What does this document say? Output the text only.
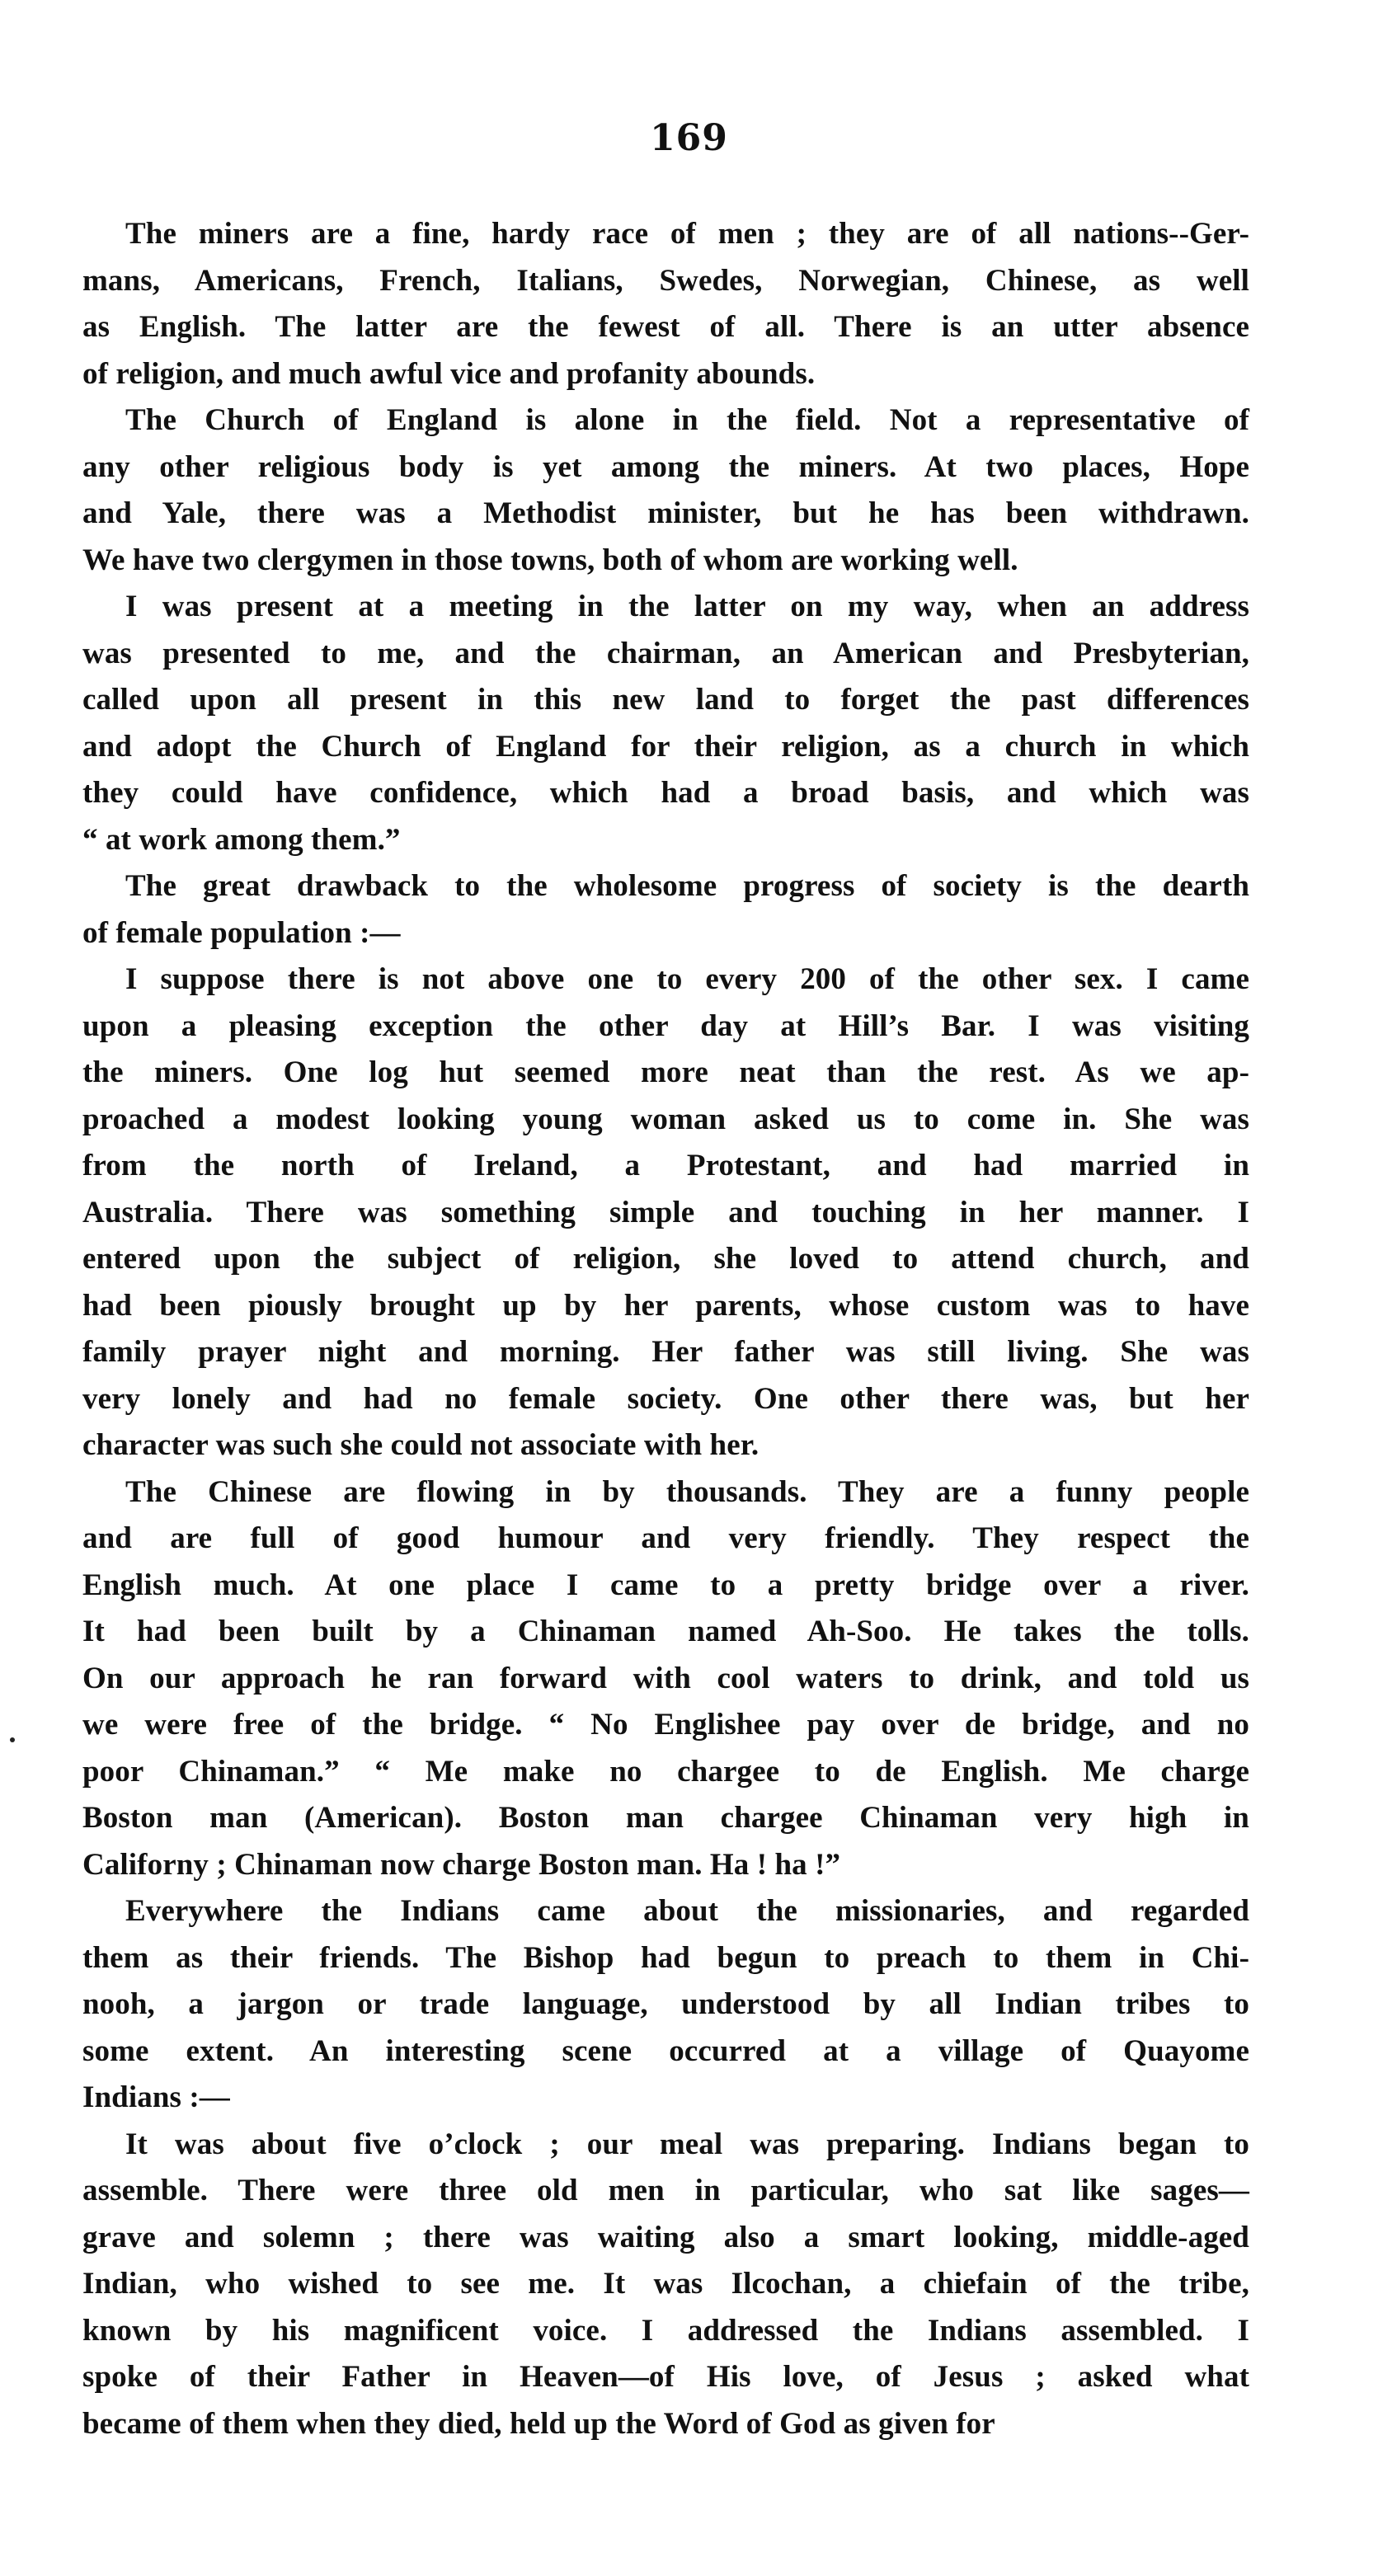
169
The miners are a fine, hardy race of men ; they are of all nations--Ger-
mans, Americans, French, Italians, Swedes, Norwegian, Chinese, as well
as English. The latter are the fewest of all. There is an utter absence
of religion, and much awful vice and profanity abounds.
The Church of England is alone in the field. Not a representative of
any other religious body is yet among the miners. At two places, Hope
and Yale, there was a Methodist minister, but he has been withdrawn.
We have two clergymen in those towns, both of whom are working well.
I was present at a meeting in the latter on my way, when an address
was presented to me, and the chairman, an American and Presbyterian,
called upon all present in this new land to forget the past differences
and adopt the Church of England for their religion, as a church in which
they could have confidence, which had a broad basis, and which was
“ at work among them.”
The great drawback to the wholesome progress of society is the dearth
of female population :—
I suppose there is not above one to every 200 of the other sex. I came
upon a pleasing exception the other day at Hill’s Bar. I was visiting
the miners. One log hut seemed more neat than the rest. As we ap-
proached a modest looking young woman asked us to come in. She was
from the north of Ireland, a Protestant, and had married in
Australia. There was something simple and touching in her manner. I
entered upon the subject of religion, she loved to attend church, and
had been piously brought up by her parents, whose custom was to have
family prayer night and morning. Her father was still living. She was
very lonely and had no female society. One other there was, but her
character was such she could not associate with her.
The Chinese are flowing in by thousands. They are a funny people
and are full of good humour and very friendly. They respect the
English much. At one place I came to a pretty bridge over a river.
It had been built by a Chinaman named Ah-Soo. He takes the tolls.
On our approach he ran forward with cool waters to drink, and told us
we were free of the bridge. “ No Englishee pay over de bridge, and no
poor Chinaman.” “ Me make no chargee to de English. Me charge
Boston man (American). Boston man chargee Chinaman very high in
Californy ; Chinaman now charge Boston man. Ha ! ha !”
Everywhere the Indians came about the missionaries, and regarded
them as their friends. The Bishop had begun to preach to them in Chi-
nooh, a jargon or trade language, understood by all Indian tribes to
some extent. An interesting scene occurred at a village of Quayome
Indians :—
It was about five o’clock ; our meal was preparing. Indians began to
assemble. There were three old men in particular, who sat like sages—
grave and solemn ; there was waiting also a smart looking, middle-aged
Indian, who wished to see me. It was Ilcochan, a chiefain of the tribe,
known by his magnificent voice. I addressed the Indians assembled. I
spoke of their Father in Heaven—of His love, of Jesus ; asked what
became of them when they died, held up the Word of God as given for
